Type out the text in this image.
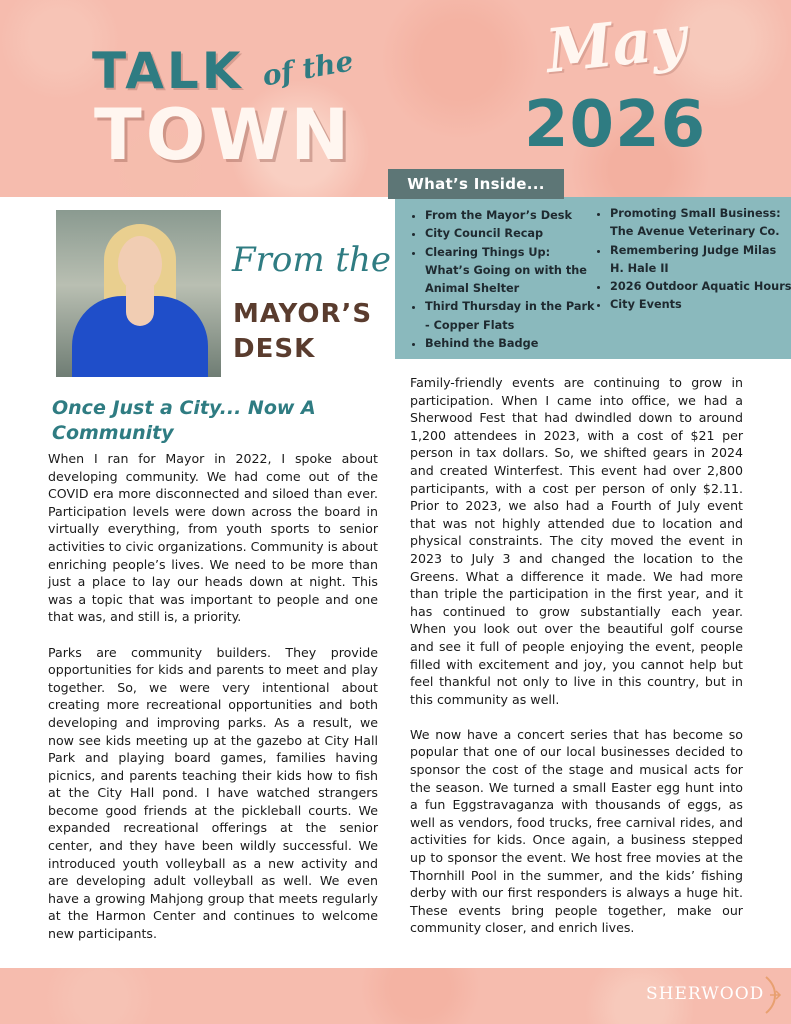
TALK of the
TOWN
May
2026
• From the Mayor’s Desk
• City Council Recap
• Clearing Things Up: What’s Going on with the Animal Shelter
• Third Thursday in the Park - Copper Flats
• Behind the Badge
• Promoting Small Business: The Avenue Veterinary Co.
• Remembering Judge Milas H. Hale II
• 2026 Outdoor Aquatic Hours
• City Events
What’s Inside...
From the
MAYOR’S
DESK
Once Just a City... Now A Community

When I ran for Mayor in 2022, I spoke about developing community. We had come out of the COVID era more disconnected and siloed than ever. Participation levels were down across the board in virtually everything, from youth sports to senior activities to civic organizations. Community is about enriching people’s lives. We need to be more than just a place to lay our heads down at night. This was a topic that was important to people and one that was, and still is, a priority.

Parks are community builders. They provide opportunities for kids and parents to meet and play together. So, we were very intentional about creating more recreational opportunities and both developing and improving parks. As a result, we now see kids meeting up at the gazebo at City Hall Park and playing board games, families having picnics, and parents teaching their kids how to fish at the City Hall pond. I have watched strangers become good friends at the pickleball courts. We expanded recreational offerings at the senior center, and they have been wildly successful. We introduced youth volleyball as a new activity and are developing adult volleyball as well. We even have a growing Mahjong group that meets regularly at the Harmon Center and continues to welcome new participants.

Family-friendly events are continuing to grow in participation. When I came into office, we had a Sherwood Fest that had dwindled down to around 1,200 attendees in 2023, with a cost of $21 per person in tax dollars. So, we shifted gears in 2024 and created Winterfest. This event had over 2,800 participants, with a cost per person of only $2.11. Prior to 2023, we also had a Fourth of July event that was not highly attended due to location and physical constraints. The city moved the event in 2023 to July 3 and changed the location to the Greens. What a difference it made. We had more than triple the participation in the first year, and it has continued to grow substantially each year. When you look out over the beautiful golf course and see it full of people enjoying the event, people filled with excitement and joy, you cannot help but feel thankful not only to live in this country, but in this community as well.

We now have a concert series that has become so popular that one of our local businesses decided to sponsor the cost of the stage and musical acts for the season. We turned a small Easter egg hunt into a fun Eggstravaganza with thousands of eggs, as well as vendors, food trucks, free carnival rides, and activities for kids. Once again, a business stepped up to sponsor the event. We host free movies at the Thornhill Pool in the summer, and the kids’ fishing derby with our first responders is always a huge hit. These events bring people together, make our community closer, and enrich lives.

SHERWOOD
